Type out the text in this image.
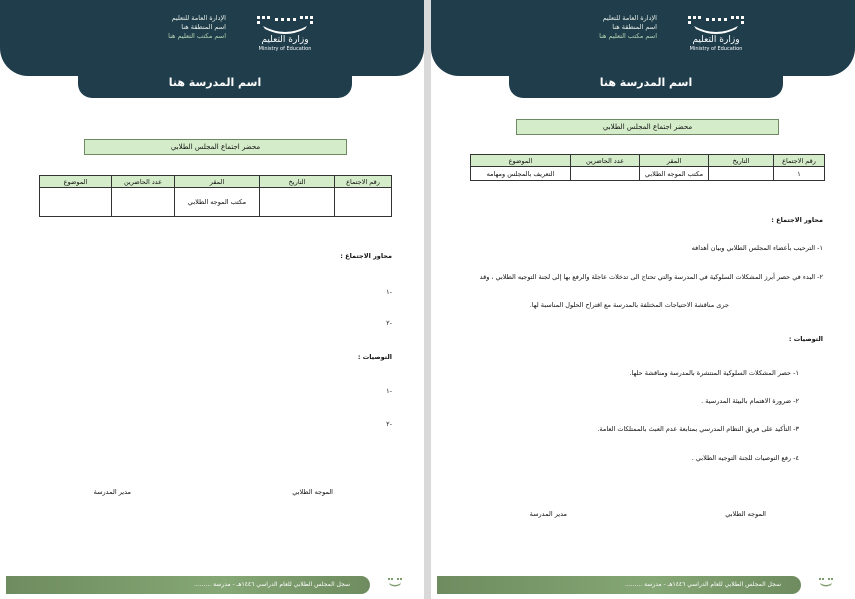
الإدارة العامة للتعليم
اسم المنطقة هنا
اسم مكتب التعليم هنا	وزارة التعليم
Ministry of Education
اسم المدرسة هنا
محضر اجتماع المجلس الطلابي
رقم الاجتماع	التاريخ	المقر	عدد الحاضرين	الموضوع
		مكتب الموجه الطلابي		
محاور الاجتماع :
-١
-٢
التوصيات :
-١
-٢
الموجه الطلابي
مدير المدرسة
سجل المجلس الطلابي للعام الدراسي ١٤٤٦هـ - مدرسة .........
الإدارة العامة للتعليم
اسم المنطقة هنا
اسم مكتب التعليم هنا	وزارة التعليم
Ministry of Education
اسم المدرسة هنا
محضر اجتماع المجلس الطلابي
رقم الاجتماع	التاريخ	المقر	عدد الحاضرين	الموضوع
١		مكتب الموجه الطلابي		التعريف بالمجلس ومهامه
محاور الاجتماع :
١- الترحيب بأعضاء المجلس الطلابي وبيان أهدافه
٢- البدء في حصر أبرز المشكلات السلوكية في المدرسة والتي تحتاج الى تدخلات عاجلة والرفع بها إلى لجنة التوجيه الطلابي ، وقد
جرى مناقشة الاحتياجات المختلفة بالمدرسة مع اقتراح الحلول المناسبة لها.
التوصيات :
١- حصر المشكلات السلوكية المنتشرة بالمدرسة ومناقشة حلها.
٢- ضرورة الاهتمام بالبيئة المدرسية .
٣- التأكيد على فريق النظام المدرسي بمتابعة عدم العبث بالممتلكات العامة.
٤- رفع التوصيات للجنة التوجيه الطلابي .
الموجه الطلابي
مدير المدرسة
سجل المجلس الطلابي للعام الدراسي ١٤٤٦هـ - مدرسة .........
